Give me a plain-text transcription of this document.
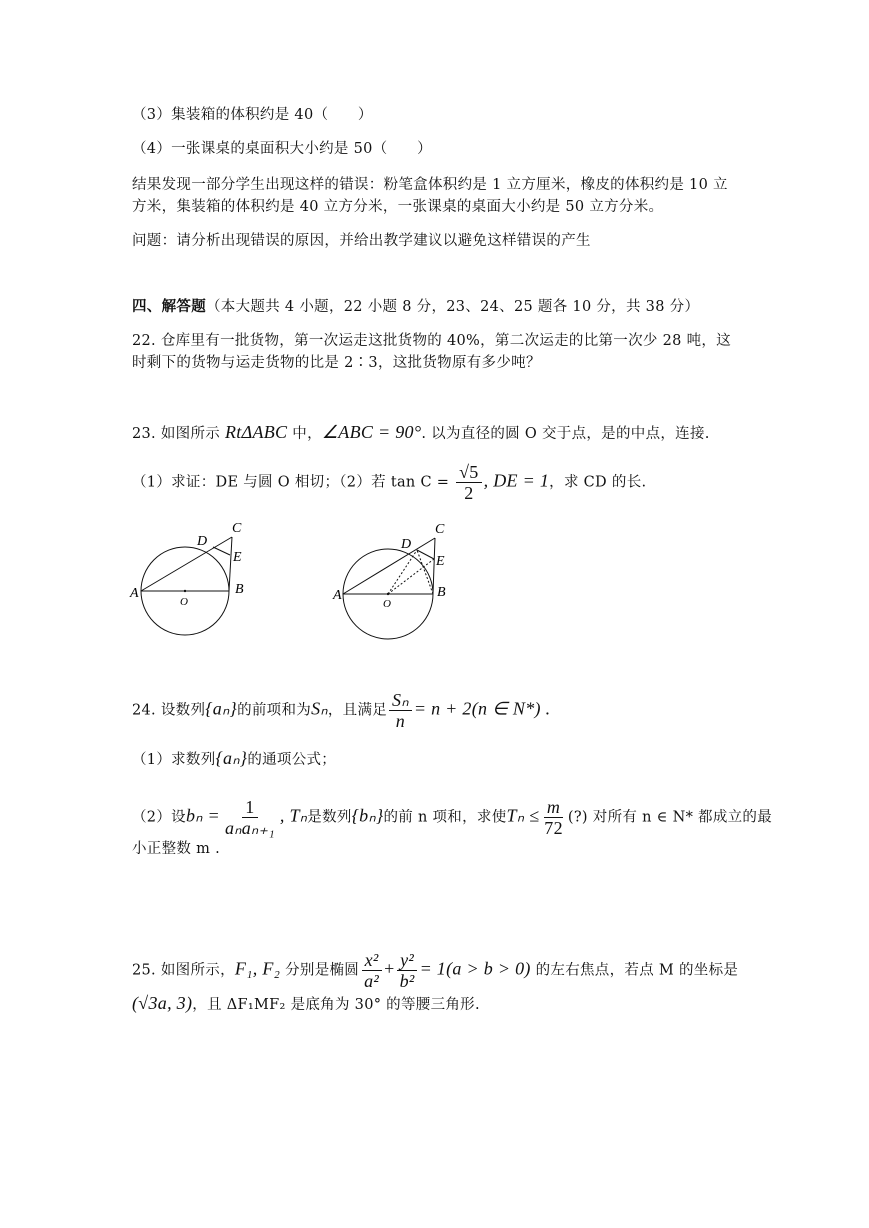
（3）集装箱的体积约是 40（　　）
（4）一张课桌的桌面积大小约是 50（　　）
结果发现一部分学生出现这样的错误：粉笔盒体积约是 1 立方厘米，橡皮的体积约是 10 立
方米，集装箱的体积约是 40 立方分米，一张课桌的桌面大小约是 50 立方分米。
问题：请分析出现错误的原因，并给出教学建议以避免这样错误的产生
四、解答题（本大题共 4 小题，22 小题 8 分，23、24、25 题各 10 分，共 38 分）
22. 仓库里有一批货物，第一次运走这批货物的 40%，第二次运走的比第一次少 28 吨，这
时剩下的货物与运走货物的比是 2∶3，这批货物原有多少吨？
23. 如图所示 RtΔABC 中，∠ABC = 90°. 以为直径的圆 O 交于点，是的中点，连接.
（1）求证：DE 与圆 O 相切；（2）若 $\tan C = \frac{√5}{2}$ , DE = 1，求 CD 的长.
A	B
C
D
E
O	A	B
C
D
E
O
24. 设数列{aₙ}的前项和为Sₙ，且满足 $\frac{\text{Sₙ}}{n} = n + 2(n$ ∈ N*) .
（1）求数列{aₙ}的通项公式；
（2）设$b_n = \frac{1}{\text{aₙaₙ₊₁}}$ , Tₙ是数列{bₙ}的前 n 项和，求使$T_n \le \frac{m}{72}$ (?) 对所有 n ∈ N* 都成立的最
小正整数 m .
25. 如图所示，F₁, F₂ 分别是椭圆 $\frac{\text{x²}}{\text{a²}} + \frac{\text{y²}}{\text{b²}} = 1(a > b > 0)$ 的左右焦点，若点 M 的坐标是
(√3a, 3)，且 ΔF₁MF₂ 是底角为 30° 的等腰三角形.
